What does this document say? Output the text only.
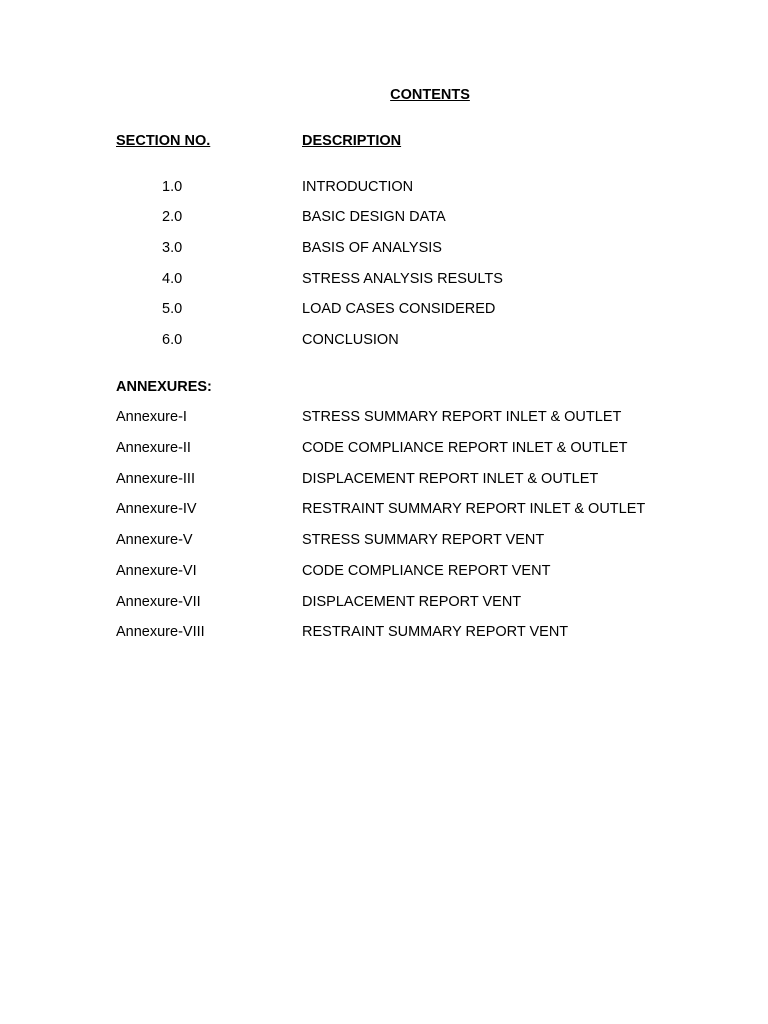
CONTENTS
SECTION NO.	DESCRIPTION
1.0	INTRODUCTION
2.0	BASIC DESIGN DATA
3.0	BASIS OF ANALYSIS
4.0	STRESS ANALYSIS RESULTS
5.0	LOAD CASES CONSIDERED
6.0	CONCLUSION
ANNEXURES:
Annexure-I	STRESS SUMMARY REPORT INLET & OUTLET
Annexure-II	CODE COMPLIANCE REPORT INLET & OUTLET
Annexure-III	DISPLACEMENT REPORT INLET & OUTLET
Annexure-IV	RESTRAINT SUMMARY REPORT INLET & OUTLET
Annexure-V	STRESS SUMMARY REPORT VENT
Annexure-VI	CODE COMPLIANCE REPORT VENT
Annexure-VII	DISPLACEMENT REPORT VENT
Annexure-VIII	RESTRAINT SUMMARY REPORT VENT
